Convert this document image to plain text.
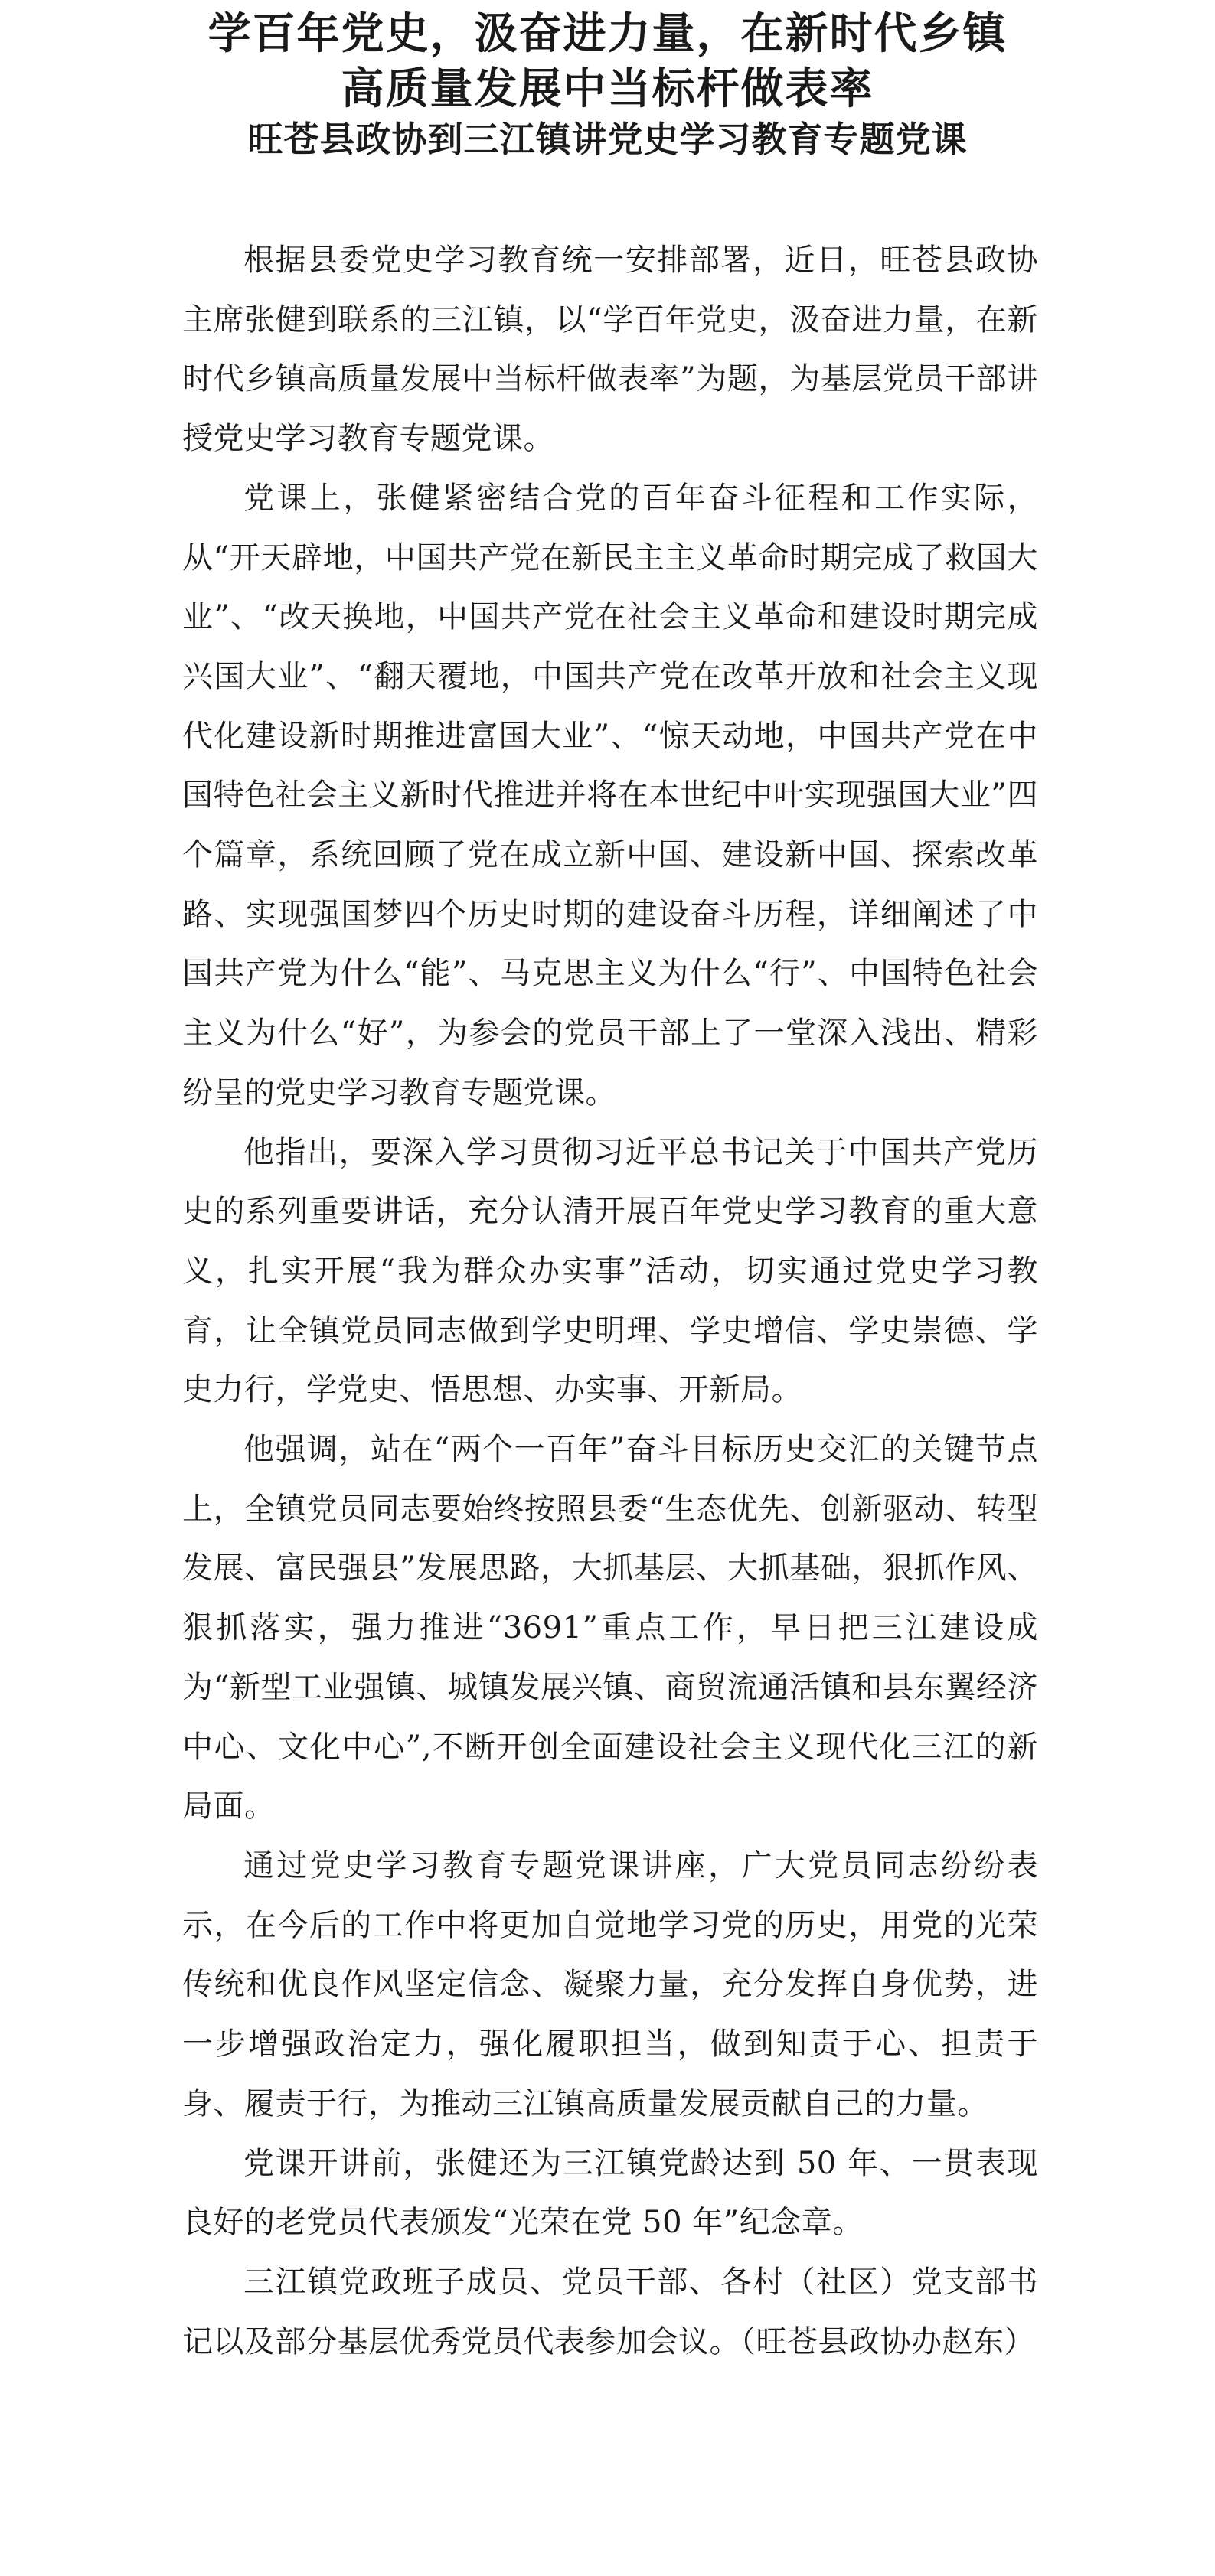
学百年党史，汲奋进力量，在新时代乡镇
高质量发展中当标杆做表率
旺苍县政协到三江镇讲党史学习教育专题党课

根据县委党史学习教育统一安排部署，近日，旺苍县政协主席张健到联系的三江镇，以“学百年党史，汲奋进力量，在新时代乡镇高质量发展中当标杆做表率”为题，为基层党员干部讲授党史学习教育专题党课。

党课上，张健紧密结合党的百年奋斗征程和工作实际，从“开天辟地，中国共产党在新民主主义革命时期完成了救国大业”、“改天换地，中国共产党在社会主义革命和建设时期完成兴国大业”、“翻天覆地，中国共产党在改革开放和社会主义现代化建设新时期推进富国大业”、“惊天动地，中国共产党在中国特色社会主义新时代推进并将在本世纪中叶实现强国大业”四个篇章，系统回顾了党在成立新中国、建设新中国、探索改革路、实现强国梦四个历史时期的建设奋斗历程，详细阐述了中国共产党为什么“能”、马克思主义为什么“行”、中国特色社会主义为什么“好”，为参会的党员干部上了一堂深入浅出、精彩纷呈的党史学习教育专题党课。

他指出，要深入学习贯彻习近平总书记关于中国共产党历史的系列重要讲话，充分认清开展百年党史学习教育的重大意义，扎实开展“我为群众办实事”活动，切实通过党史学习教育，让全镇党员同志做到学史明理、学史增信、学史崇德、学史力行，学党史、悟思想、办实事、开新局。

他强调，站在“两个一百年”奋斗目标历史交汇的关键节点上，全镇党员同志要始终按照县委“生态优先、创新驱动、转型发展、富民强县”发展思路，大抓基层、大抓基础，狠抓作风、狠抓落实，强力推进“3691”重点工作，早日把三江建设成为“新型工业强镇、城镇发展兴镇、商贸流通活镇和县东翼经济中心、文化中心”,不断开创全面建设社会主义现代化三江的新局面。

通过党史学习教育专题党课讲座，广大党员同志纷纷表示，在今后的工作中将更加自觉地学习党的历史，用党的光荣传统和优良作风坚定信念、凝聚力量，充分发挥自身优势，进一步增强政治定力，强化履职担当，做到知责于心、担责于身、履责于行，为推动三江镇高质量发展贡献自己的力量。

党课开讲前，张健还为三江镇党龄达到 50 年、一贯表现良好的老党员代表颁发“光荣在党 50 年”纪念章。

三江镇党政班子成员、党员干部、各村（社区）党支部书记以及部分基层优秀党员代表参加会议。（旺苍县政协办赵东）
